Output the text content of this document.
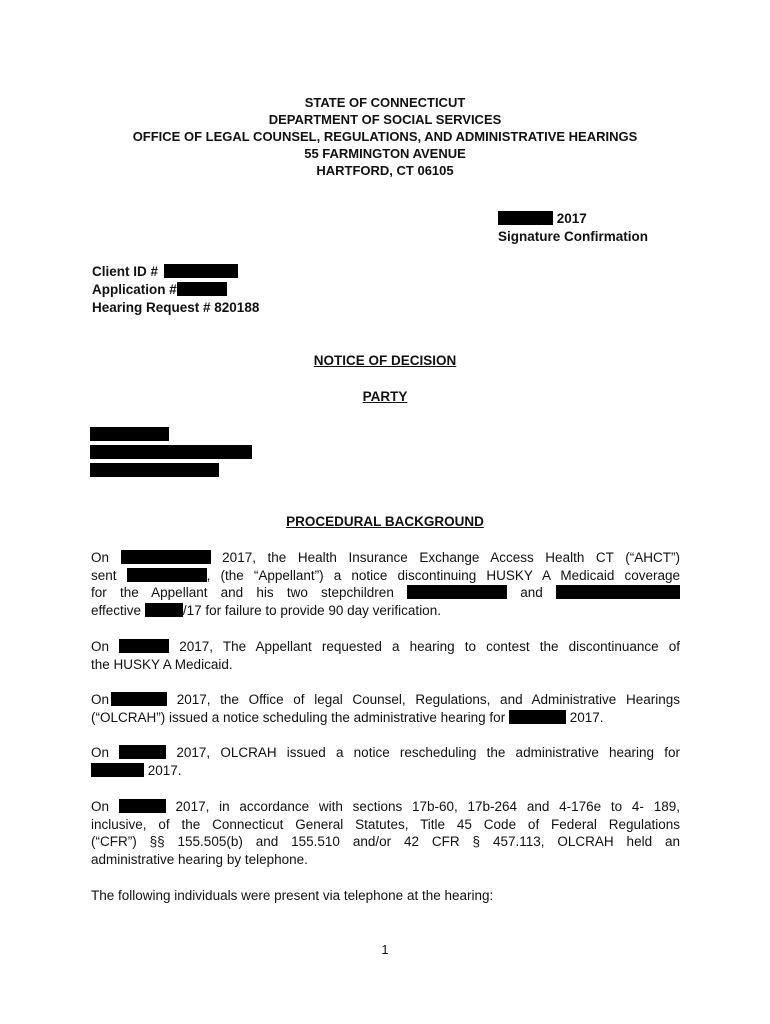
STATE OF CONNECTICUT
DEPARTMENT OF SOCIAL SERVICES
OFFICE OF LEGAL COUNSEL, REGULATIONS, AND ADMINISTRATIVE HEARINGS
55 FARMINGTON AVENUE
HARTFORD, CT 06105
2017
Signature Confirmation
Client ID #
Application #
Hearing Request # 820188
NOTICE OF DECISION
PARTY
PROCEDURAL BACKGROUND
On	2017, the Health Insurance Exchange Access Health CT (“AHCT”)
sent	, (the “Appellant”) a notice discontinuing HUSKY A Medicaid coverage
for the Appellant and his two stepchildren	and
effective	/17 for failure to provide 90 day verification.
On	2017, The Appellant requested a hearing to contest the discontinuance of
the HUSKY A Medicaid.
On	2017, the Office of legal Counsel, Regulations, and Administrative Hearings
(“OLCRAH”) issued a notice scheduling the administrative hearing for	2017.
On	2017, OLCRAH issued a notice rescheduling the administrative hearing for
2017.
On	2017, in accordance with sections 17b-60, 17b-264 and 4-176e to 4- 189,
inclusive, of the Connecticut General Statutes, Title 45 Code of Federal Regulations
(“CFR”) §§ 155.505(b) and 155.510 and/or 42 CFR § 457.113, OLCRAH held an
administrative hearing by telephone.
The following individuals were present via telephone at the hearing:
1
